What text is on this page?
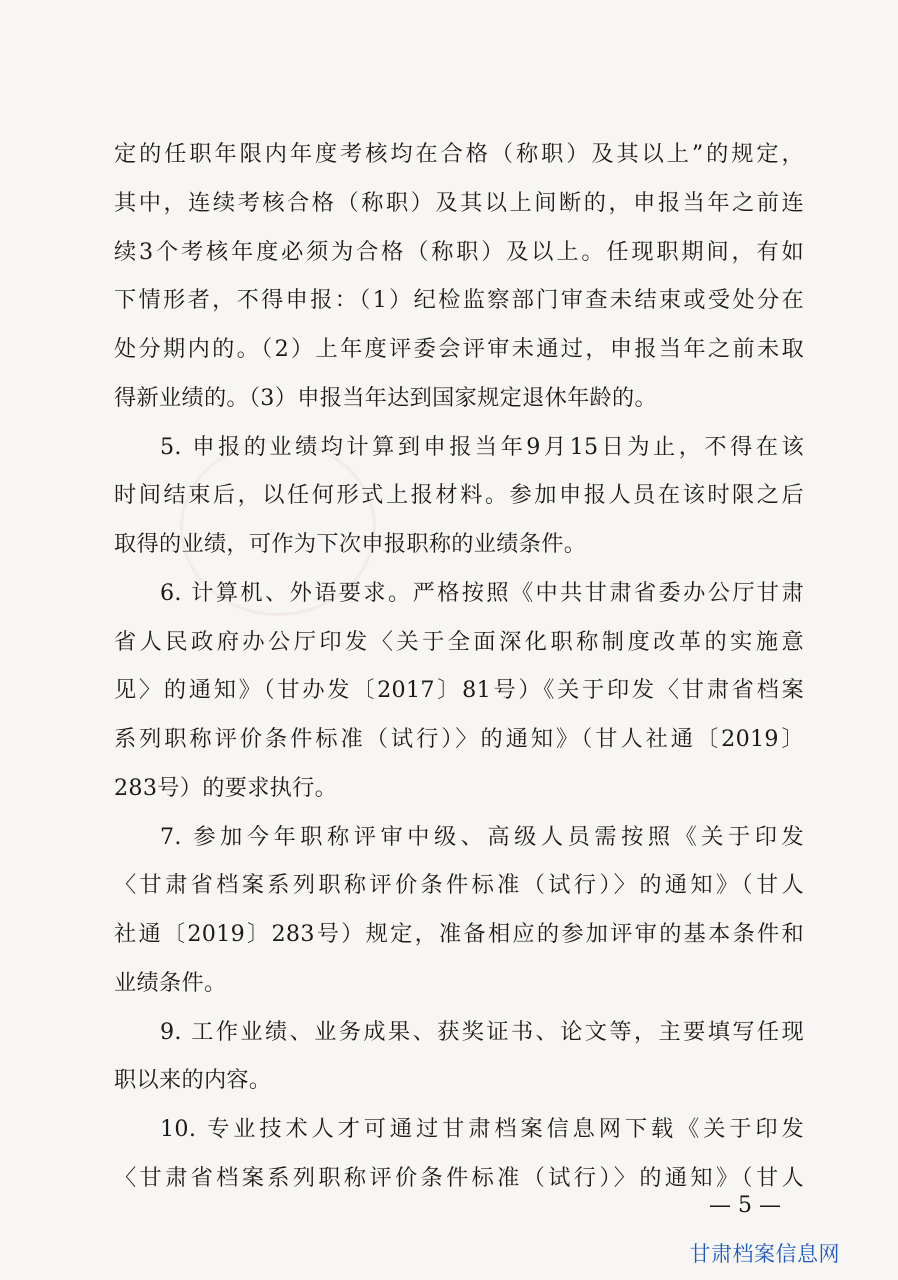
定的任职年限内年度考核均在合格（称职）及其以上”的规定，
其中，连续考核合格（称职）及其以上间断的，申报当年之前连
续3个考核年度必须为合格（称职）及以上。任现职期间，有如
下情形者，不得申报：（1）纪检监察部门审查未结束或受处分在
处分期内的。（2）上年度评委会评审未通过，申报当年之前未取
得新业绩的。（3）申报当年达到国家规定退休年龄的。
5. 申报的业绩均计算到申报当年9月15日为止，不得在该
时间结束后，以任何形式上报材料。参加申报人员在该时限之后
取得的业绩，可作为下次申报职称的业绩条件。
6. 计算机、外语要求。严格按照《中共甘肃省委办公厅甘肃
省人民政府办公厅印发〈关于全面深化职称制度改革的实施意
见〉的通知》（甘办发〔2017〕81号）《关于印发〈甘肃省档案
系列职称评价条件标准（试行）〉的通知》（甘人社通〔2019〕
283号）的要求执行。
7. 参加今年职称评审中级、高级人员需按照《关于印发
〈甘肃省档案系列职称评价条件标准（试行）〉的通知》（甘人
社通〔2019〕283号）规定，准备相应的参加评审的基本条件和
业绩条件。
9. 工作业绩、业务成果、获奖证书、论文等，主要填写任现
职以来的内容。
10. 专业技术人才可通过甘肃档案信息网下载《关于印发
〈甘肃省档案系列职称评价条件标准（试行）〉的通知》（甘人
— 5 —
甘肃档案信息网
